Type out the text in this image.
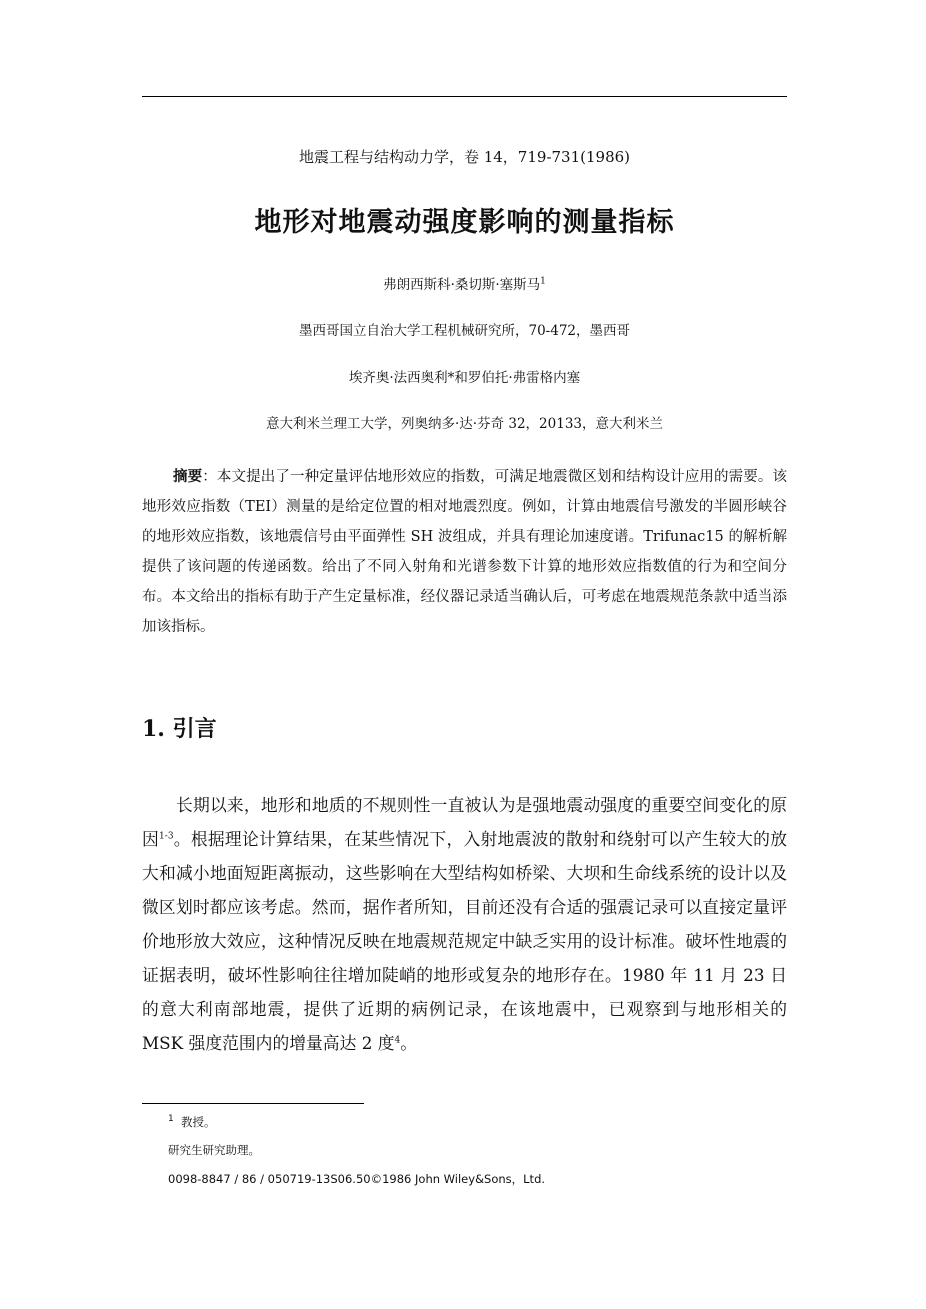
地震工程与结构动力学，卷 14，719-731(1986)
地形对地震动强度影响的测量指标
弗朗西斯科·桑切斯·塞斯马$^1$
墨西哥国立自治大学工程机械研究所，70-472，墨西哥
埃齐奥·法西奥利*和罗伯托·弗雷格内塞
意大利米兰理工大学，列奥纳多·达·芬奇 32，20133，意大利米兰
摘要：本文提出了一种定量评估地形效应的指数，可满足地震微区划和结构设计应用的需要。该地形效应指数（TEI）测量的是给定位置的相对地震烈度。例如，计算由地震信号激发的半圆形峡谷的地形效应指数，该地震信号由平面弹性 SH 波组成，并具有理论加速度谱。Trifunac15 的解析解提供了该问题的传递函数。给出了不同入射角和光谱参数下计算的地形效应指数值的行为和空间分布。本文给出的指标有助于产生定量标准，经仪器记录适当确认后，可考虑在地震规范条款中适当添加该指标。
1. 引言
长期以来，地形和地质的不规则性一直被认为是强地震动强度的重要空间变化的原因$^{1-3}$。根据理论计算结果，在某些情况下，入射地震波的散射和绕射可以产生较大的放大和减小地面短距离振动，这些影响在大型结构如桥梁、大坝和生命线系统的设计以及微区划时都应该考虑。然而，据作者所知，目前还没有合适的强震记录可以直接定量评价地形放大效应，这种情况反映在地震规范规定中缺乏实用的设计标准。破坏性地震的证据表明，破坏性影响往往增加陡峭的地形或复杂的地形存在。1980 年 11 月 23 日的意大利南部地震，提供了近期的病例记录，在该地震中，已观察到与地形相关的 MSK 强度范围内的增量高达 2 度$^4$。
$^1$ 教授。
研究生研究助理。
0098-8847 / 86 / 050719-13S06.50©1986 John Wiley&Sons，Ltd.
